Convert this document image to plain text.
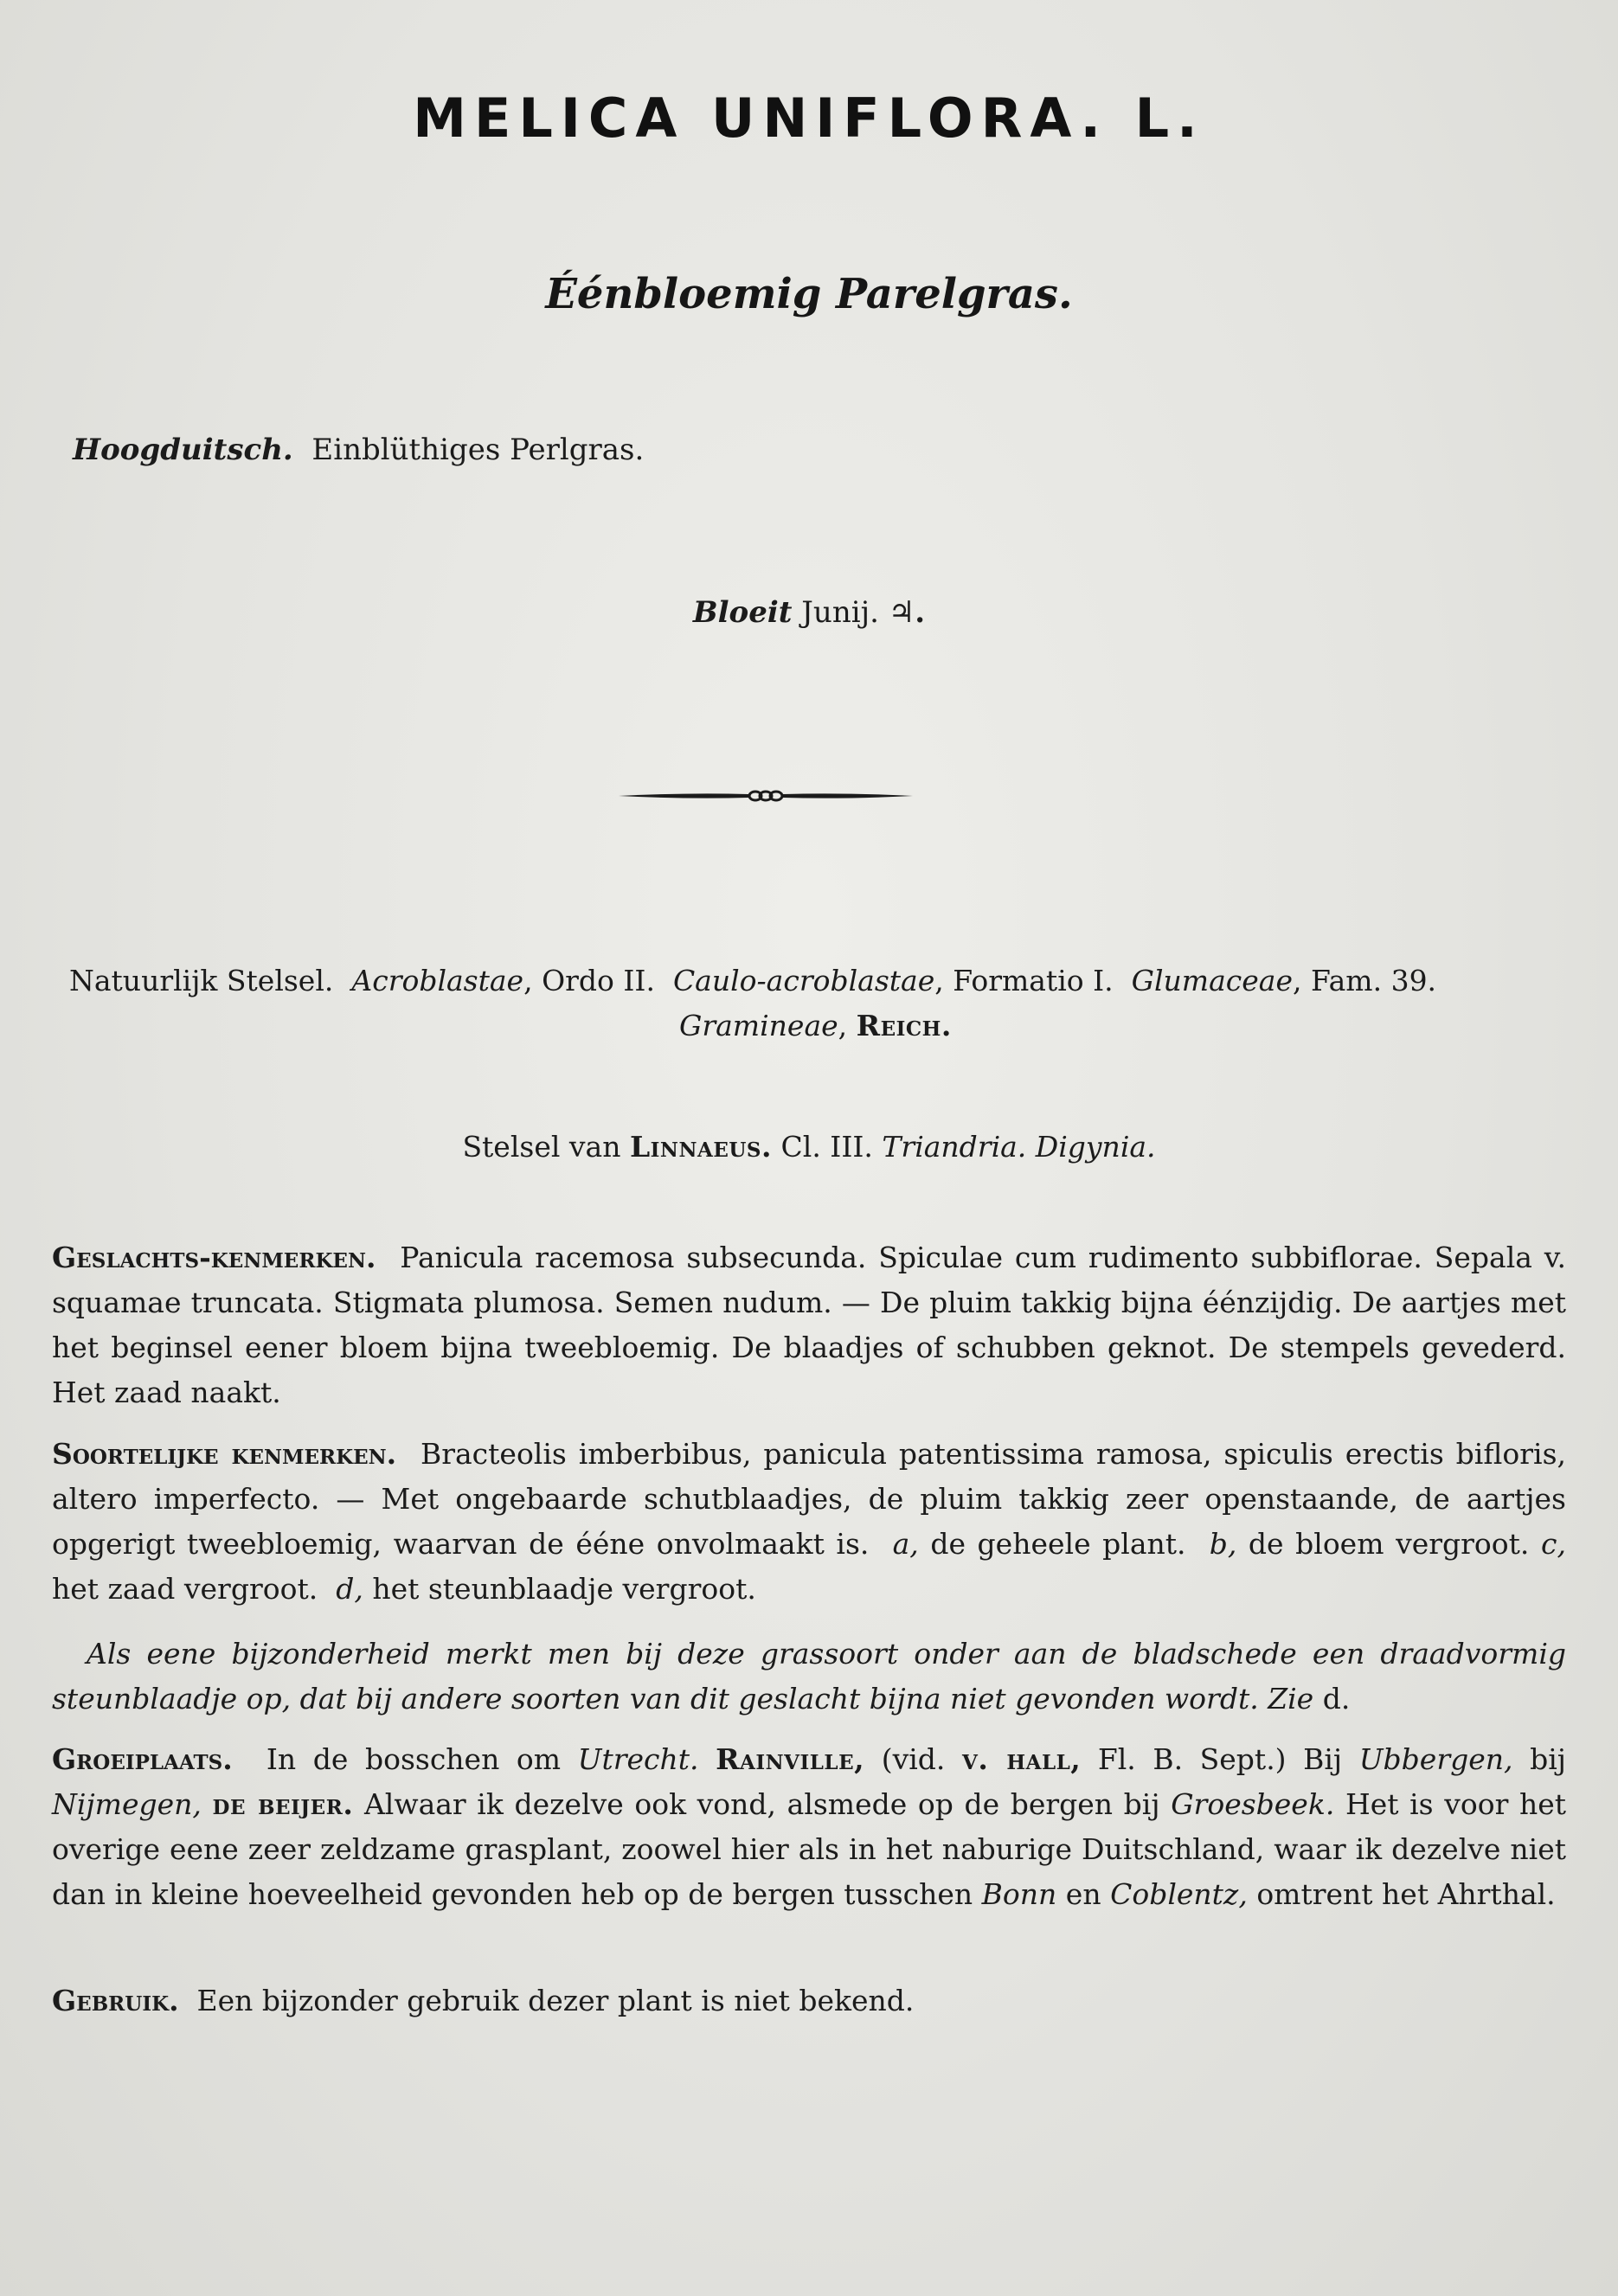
MELICA UNIFLORA. L.
Éénbloemig Parelgras.
Hoogduitsch. Einblüthiges Perlgras.
Bloeit Junij. ♃.
Natuurlijk Stelsel. Acroblastae, Ordo II. Caulo-acroblastae, Formatio I. Glumaceae, Fam. 39.
Gramineae, Reich.
Stelsel van Linnaeus. Cl. III. Triandria. Digynia.
Geslachts-kenmerken. Panicula racemosa subsecunda. Spiculae cum rudimento subbiflorae. Sepala v. squamae truncata. Stigmata plumosa. Semen nudum. — De pluim takkig bijna éénzijdig. De aartjes met het beginsel eener bloem bijna tweebloemig. De blaadjes of schubben geknot. De stempels gevederd. Het zaad naakt.
Soortelijke kenmerken. Bracteolis imberbibus, panicula patentissima ramosa, spiculis erectis bifloris, altero imperfecto. — Met ongebaarde schutblaadjes, de pluim takkig zeer openstaande, de aartjes opgerigt tweebloemig, waarvan de ééne onvolmaakt is. a, de geheele plant. b, de bloem vergroot. c, het zaad vergroot. d, het steunblaadje vergroot.
Als eene bijzonderheid merkt men bij deze grassoort onder aan de bladschede een draadvormig steunblaadje op, dat bij andere soorten van dit geslacht bijna niet gevonden wordt. Zie d.
Groeiplaats. In de bosschen om Utrecht. Rainville, (vid. v. hall, Fl. B. Sept.) Bij Ubbergen, bij Nijmegen, de beijer. Alwaar ik dezelve ook vond, alsmede op de bergen bij Groesbeek. Het is voor het overige eene zeer zeldzame grasplant, zoowel hier als in het naburige Duitschland, waar ik dezelve niet dan in kleine hoeveelheid gevonden heb op de bergen tusschen Bonn en Coblentz, omtrent het Ahrthal.
Gebruik. Een bijzonder gebruik dezer plant is niet bekend.
